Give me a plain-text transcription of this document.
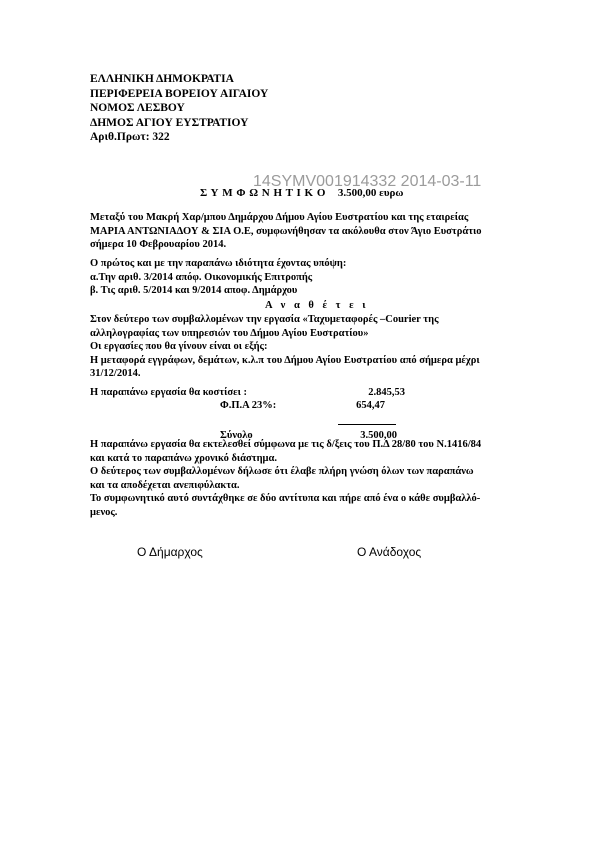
ΕΛΛΗΝΙΚΗ ΔΗΜΟΚΡΑΤΙΑ
ΠΕΡΙΦΕΡΕΙΑ ΒΟΡΕΙΟΥ ΑΙΓΑΙΟΥ
ΝΟΜΟΣ ΛΕΣΒΟΥ
ΔΗΜΟΣ ΑΓΙΟΥ ΕΥΣΤΡΑΤΙΟΥ
Αριθ.Πρωτ: 322
Σ Υ Μ Φ Ω Ν Η Τ Ι Κ Ο 3.500,00 ευρω
14SYMV001914332 2014-03-11
Μεταξύ του Μακρή Χαρ/μπου Δημάρχου Δήμου Αγίου Ευστρατίου και της εταιρείας
ΜΑΡΙΑ ΑΝΤΩΝΙΑΔΟΥ & ΣΙΑ Ο.Ε, συμφωνήθησαν τα ακόλουθα στον Άγιο Ευστράτιο
σήμερα 10 Φεβρουαρίου 2014.
Ο πρώτος και με την παραπάνω ιδιότητα έχοντας υπόψη:
α.Την αριθ. 3/2014 απόφ. Οικονομικής Επιτροπής
β. Τις αριθ. 5/2014 και 9/2014 αποφ. Δημάρχου
Α ν α θ έ τ ε ι
Στον δεύτερο των συμβαλλομένων την εργασία «Ταχυμεταφορές –Courier της
αλληλογραφίας των υπηρεσιών του Δήμου Αγίου Ευστρατίου»
Οι εργασίες που θα γίνουν είναι οι εξής:
Η μεταφορά εγγράφων, δεμάτων, κ.λ.π του Δήμου Αγίου Ευστρατίου από σήμερα μέχρι
31/12/2014.
Η παραπάνω εργασία θα κοστίσει :	2.845,53
Φ.Π.Α 23%:	654,47
Σύνολο	3.500,00
Η παραπάνω εργασία θα εκτελεσθεί σύμφωνα με τις δ/ξεις του Π.Δ 28/80 του Ν.1416/84
και κατά το παραπάνω χρονικό διάστημα.
Ο δεύτερος των συμβαλλομένων δήλωσε ότι έλαβε πλήρη γνώση όλων των παραπάνω
και τα αποδέχεται ανεπιφύλακτα.
Το συμφωνητικό αυτό συντάχθηκε σε δύο αντίτυπα και πήρε από ένα ο κάθε συμβαλλό-
μενος.
Ο Δήμαρχος	Ο Ανάδοχος
